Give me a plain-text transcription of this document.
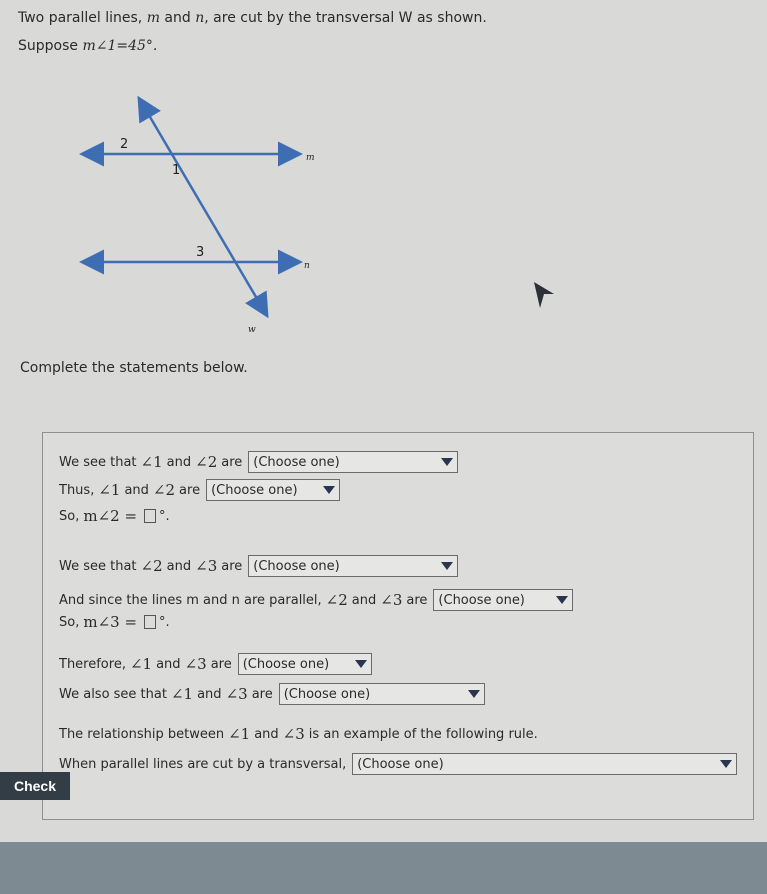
Two parallel lines, m and n, are cut by the transversal W as shown.
Suppose m∠1=45°.
2
1
3
m
n
w
Complete the statements below.
We see that ∠1 and ∠2 are (Choose one)
Thus, ∠1 and ∠2 are (Choose one)
So, m∠2 = °.
We see that ∠2 and ∠3 are (Choose one)
And since the lines m and n are parallel, ∠2 and ∠3 are (Choose one)
So, m∠3 = °.
Therefore, ∠1 and ∠3 are (Choose one)
We also see that ∠1 and ∠3 are (Choose one)
The relationship between ∠1 and ∠3 is an example of the following rule.
When parallel lines are cut by a transversal, (Choose one)
Check
